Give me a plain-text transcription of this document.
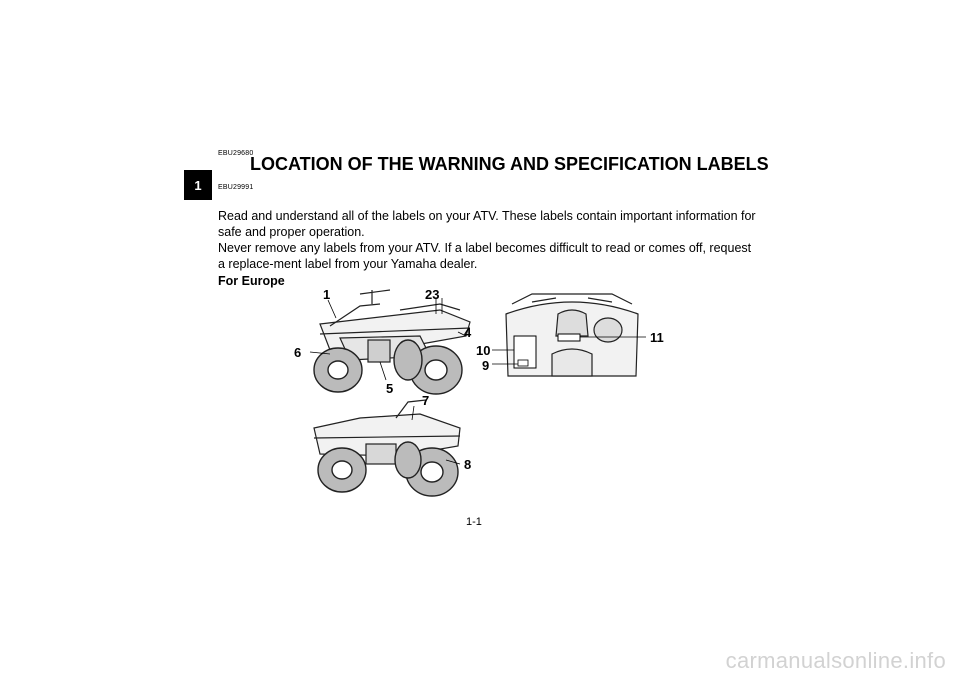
1
EBU29680
LOCATION OF THE WARNING AND SPECIFICATION LABELS
EBU29991

Read and understand all of the labels on your ATV. These labels contain important information for safe and proper operation.

Never remove any labels from your ATV. If a label becomes difficult to read or comes off, request a replace-ment label from your Yamaha dealer.

For Europe
1	23
4
6
5
7
8
11
10
9
1-1
carmanualsonline.info
